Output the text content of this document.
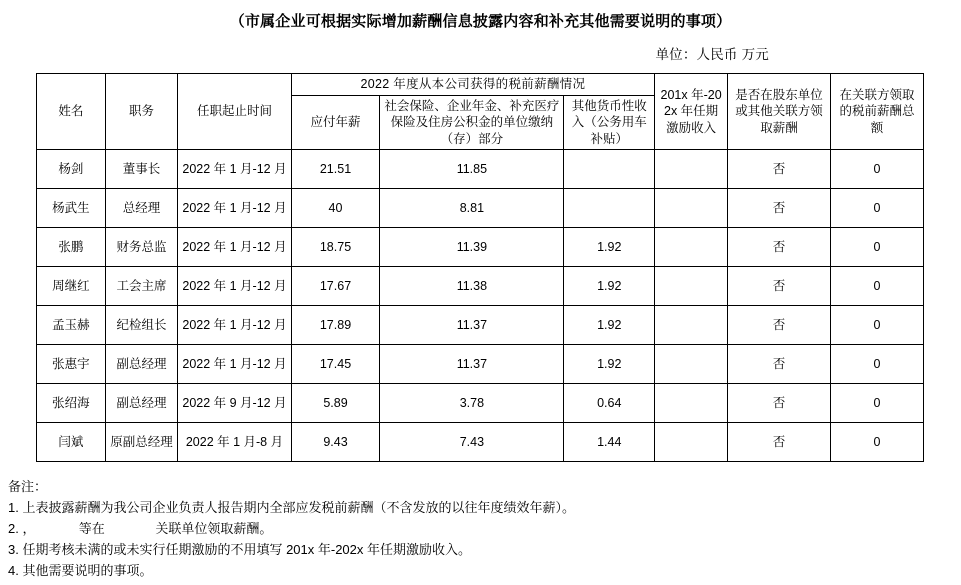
（市属企业可根据实际增加薪酬信息披露内容和补充其他需要说明的事项）
单位：人民币 万元
姓名	职务	任职起止时间	2022 年度从本公司获得的税前薪酬情况			201x 年-202x 年任期激励收入	是否在股东单位或其他关联方领取薪酬	在关联方领取的税前薪酬总额
			应付年薪	社会保险、企业年金、补充医疗保险及住房公积金的单位缴纳（存）部分	其他货币性收入（公务用车补贴）			
杨剑	董事长	2022 年 1 月-12 月	21.51	11.85			否	0
杨武生	总经理	2022 年 1 月-12 月	40	8.81			否	0
张鹏	财务总监	2022 年 1 月-12 月	18.75	11.39	1.92		否	0
周继红	工会主席	2022 年 1 月-12 月	17.67	11.38	1.92		否	0
孟玉赫	纪检组长	2022 年 1 月-12 月	17.89	11.37	1.92		否	0
张惠宇	副总经理	2022 年 1 月-12 月	17.45	11.37	1.92		否	0
张绍海	副总经理	2022 年 9 月-12 月	5.89	3.78	0.64		否	0
闫斌	原副总经理	2022 年 1 月-8 月	9.43	7.43	1.44		否	0
备注：
1. 上表披露薪酬为我公司企业负责人报告期内全部应发税前薪酬（不含发放的以往年度绩效年薪）。
2. ，            等在              关联单位领取薪酬。
3. 任期考核未满的或未实行任期激励的不用填写 201x 年-202x 年任期激励收入。
4. 其他需要说明的事项。
